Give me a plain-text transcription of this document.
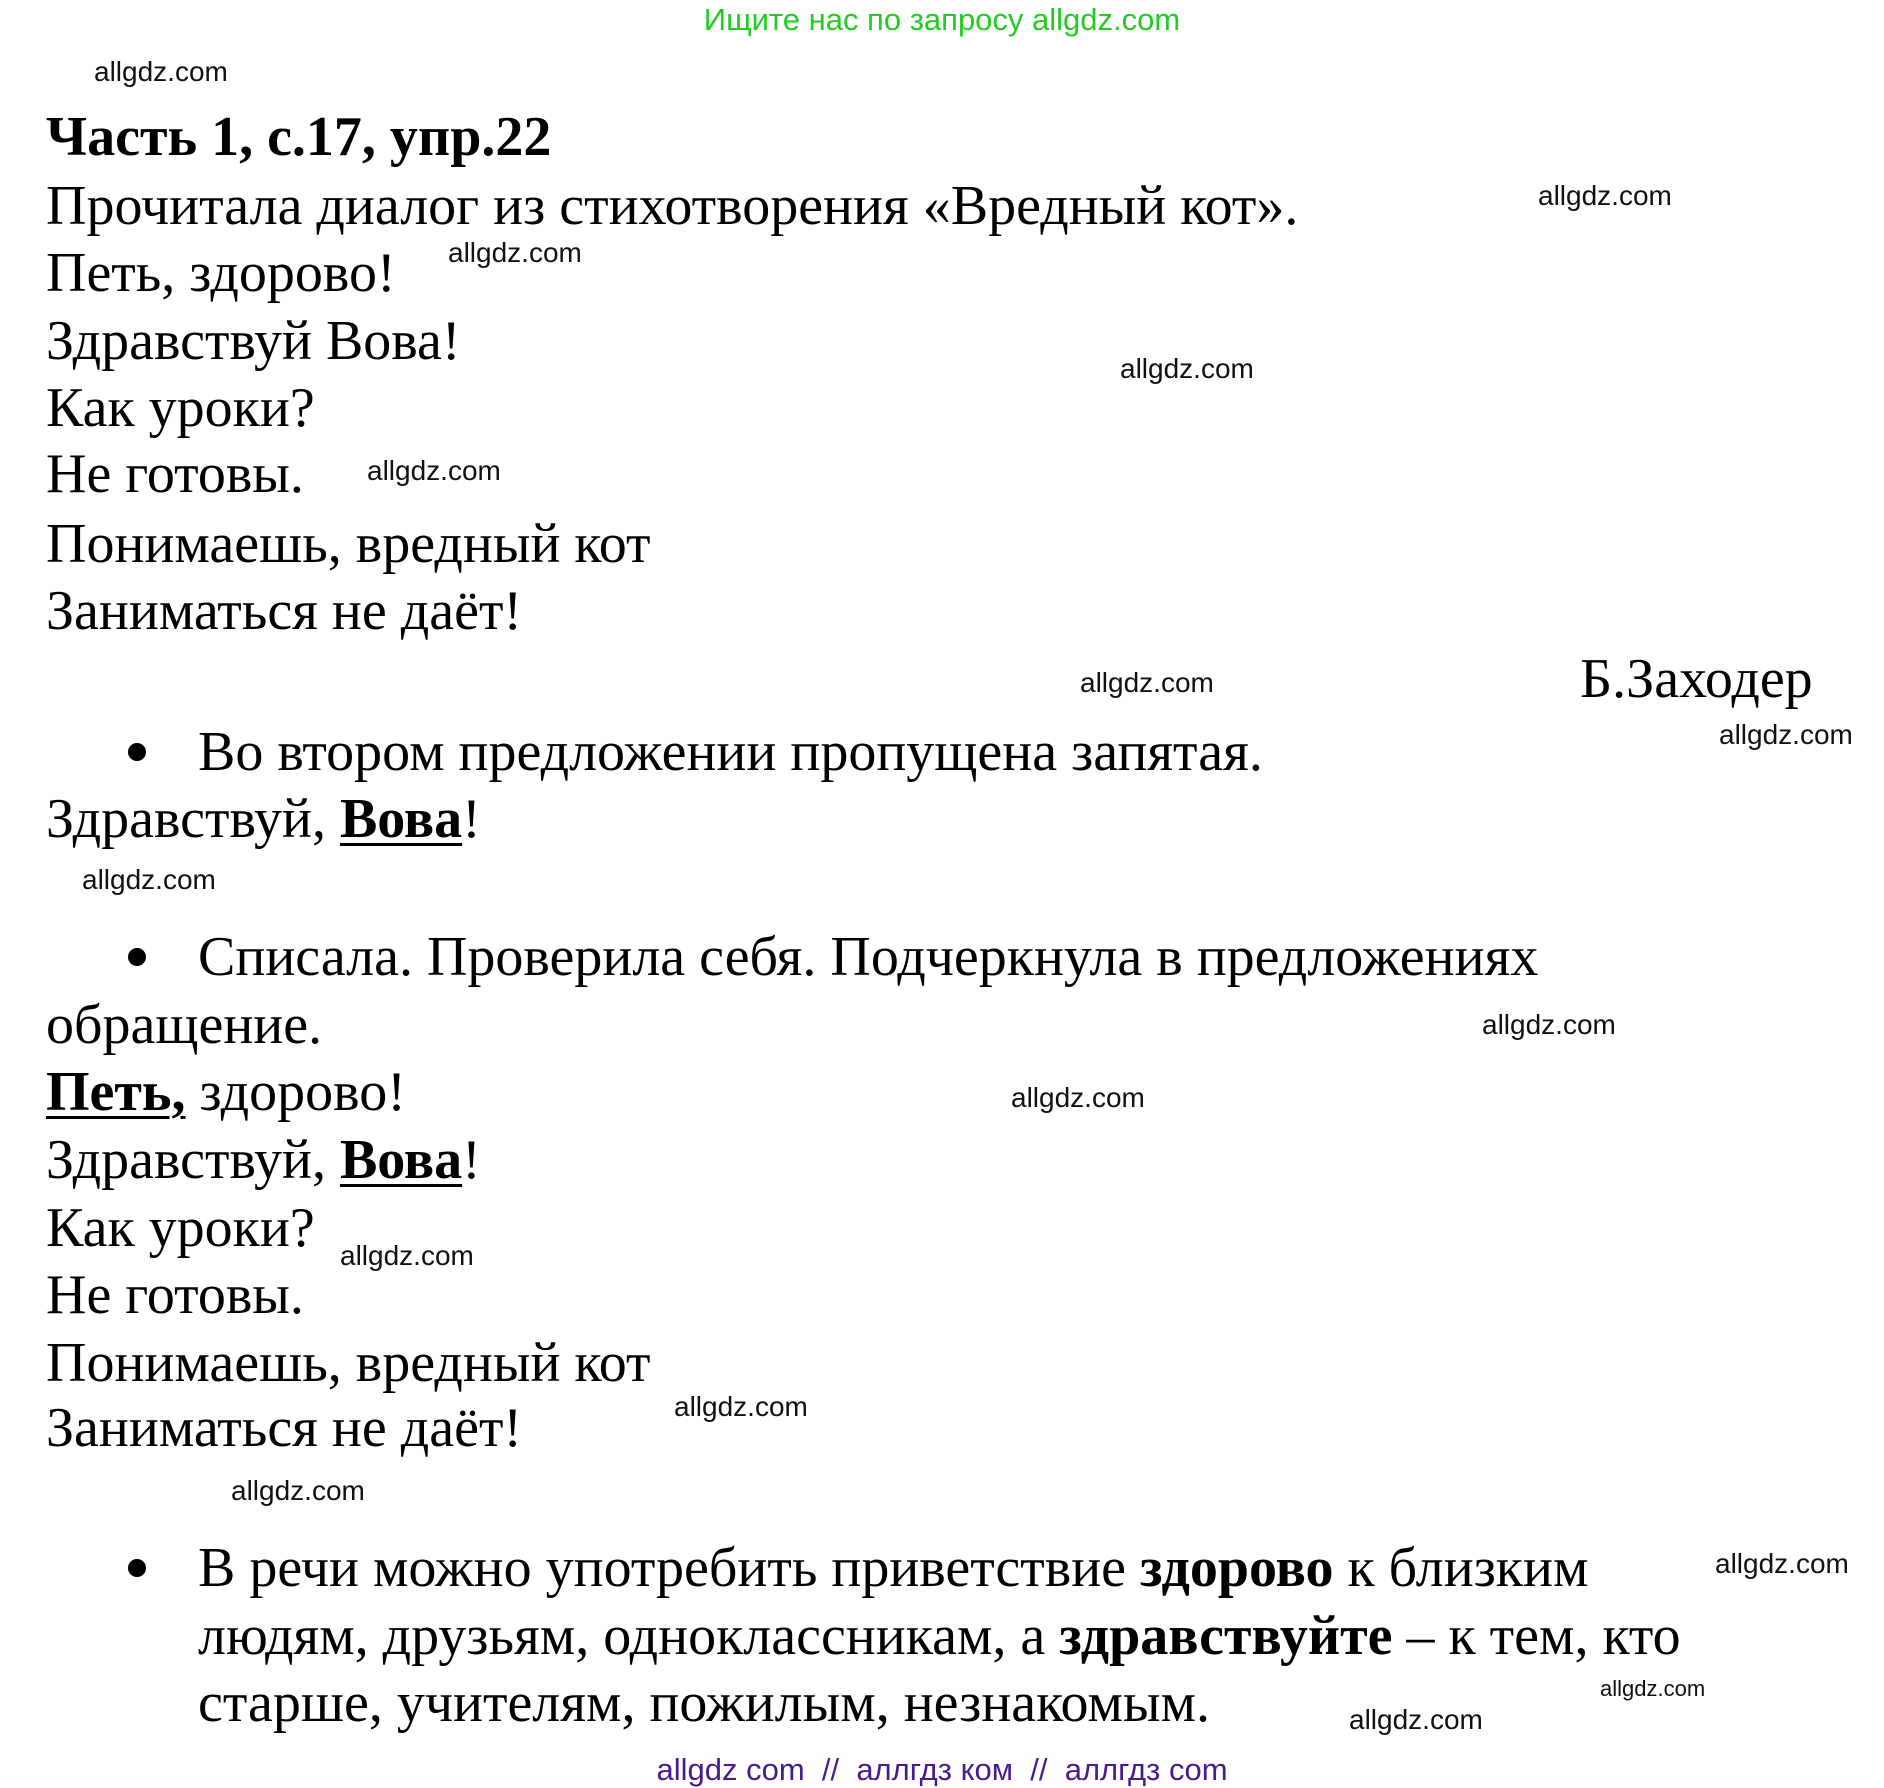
Ищите нас по запросу allgdz.com
Часть 1, с.17, упр.22
Прочитала диалог из стихотворения «Вредный кот».
Петь, здорово!
Здравствуй Вова!
Как уроки?
Не готовы.
Понимаешь, вредный кот
Заниматься не даёт!
Б.Заходер
Во втором предложении пропущена запятая.
Здравствуй, Вова!
Списала. Проверила себя. Подчеркнула в предложениях
обращение.
Петь, здорово!
Здравствуй, Вова!
Как уроки?
Не готовы.
Понимаешь, вредный кот
Заниматься не даёт!
В речи можно употребить приветствие здорово к близким
людям, друзьям, одноклассникам, а здравствуйте – к тем, кто
старше, учителям, пожилым, незнакомым.
allgdz.com
allgdz.com
allgdz.com
allgdz.com
allgdz.com
allgdz.com
allgdz.com
allgdz.com
allgdz.com
allgdz.com
allgdz.com
allgdz.com
allgdz.com
allgdz.com
allgdz.com
allgdz.com
allgdz com  //  аллгдз ком  //  аллгдз com
